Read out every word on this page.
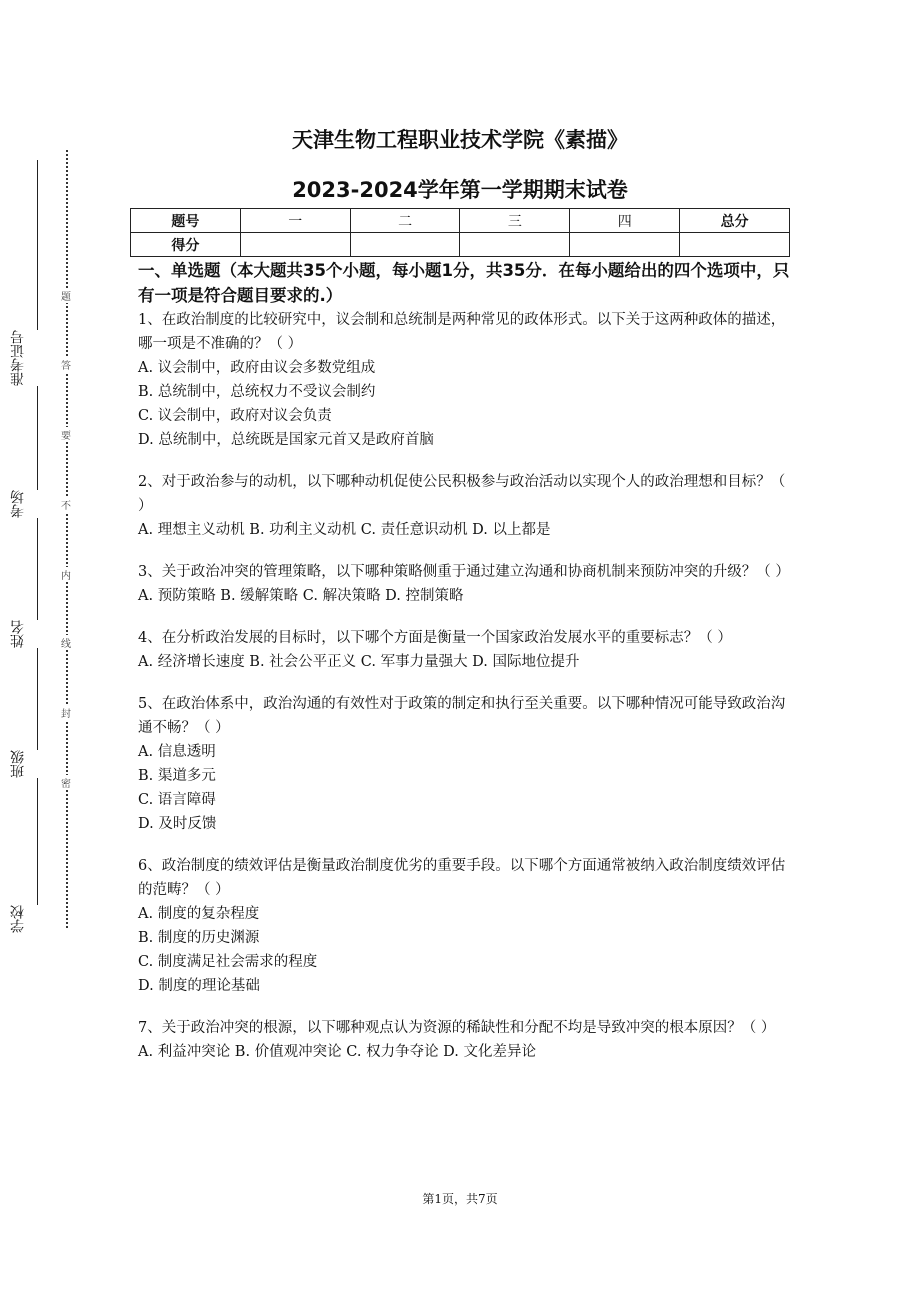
学校
班级
姓名
考场
准考证号
密
封
线
内
不
要
答
题
天津生物工程职业技术学院《素描》
2023-2024学年第一学期期末试卷
题号	一	二	三	四	总分
得分					

一、单选题（本大题共35个小题，每小题1分，共35分．在每小题给出的四个选项中，只有一项是符合题目要求的.）

1、在政治制度的比较研究中，议会制和总统制是两种常见的政体形式。以下关于这两种政体的描述，哪一项是不准确的？（ ）

A. 议会制中，政府由议会多数党组成

B. 总统制中，总统权力不受议会制约

C. 议会制中，政府对议会负责

D. 总统制中，总统既是国家元首又是政府首脑

2、对于政治参与的动机，以下哪种动机促使公民积极参与政治活动以实现个人的政治理想和目标？（ ）

A. 理想主义动机 B. 功利主义动机 C. 责任意识动机 D. 以上都是

3、关于政治冲突的管理策略，以下哪种策略侧重于通过建立沟通和协商机制来预防冲突的升级？（ ）

A. 预防策略 B. 缓解策略 C. 解决策略 D. 控制策略

4、在分析政治发展的目标时，以下哪个方面是衡量一个国家政治发展水平的重要标志？（ ）

A. 经济增长速度 B. 社会公平正义 C. 军事力量强大 D. 国际地位提升

5、在政治体系中，政治沟通的有效性对于政策的制定和执行至关重要。以下哪种情况可能导致政治沟通不畅？（ ）

A. 信息透明

B. 渠道多元

C. 语言障碍

D. 及时反馈

6、政治制度的绩效评估是衡量政治制度优劣的重要手段。以下哪个方面通常被纳入政治制度绩效评估的范畴？（ ）

A. 制度的复杂程度

B. 制度的历史渊源

C. 制度满足社会需求的程度

D. 制度的理论基础

7、关于政治冲突的根源，以下哪种观点认为资源的稀缺性和分配不均是导致冲突的根本原因？（ ）

A. 利益冲突论 B. 价值观冲突论 C. 权力争夺论 D. 文化差异论

第1页，共7页
